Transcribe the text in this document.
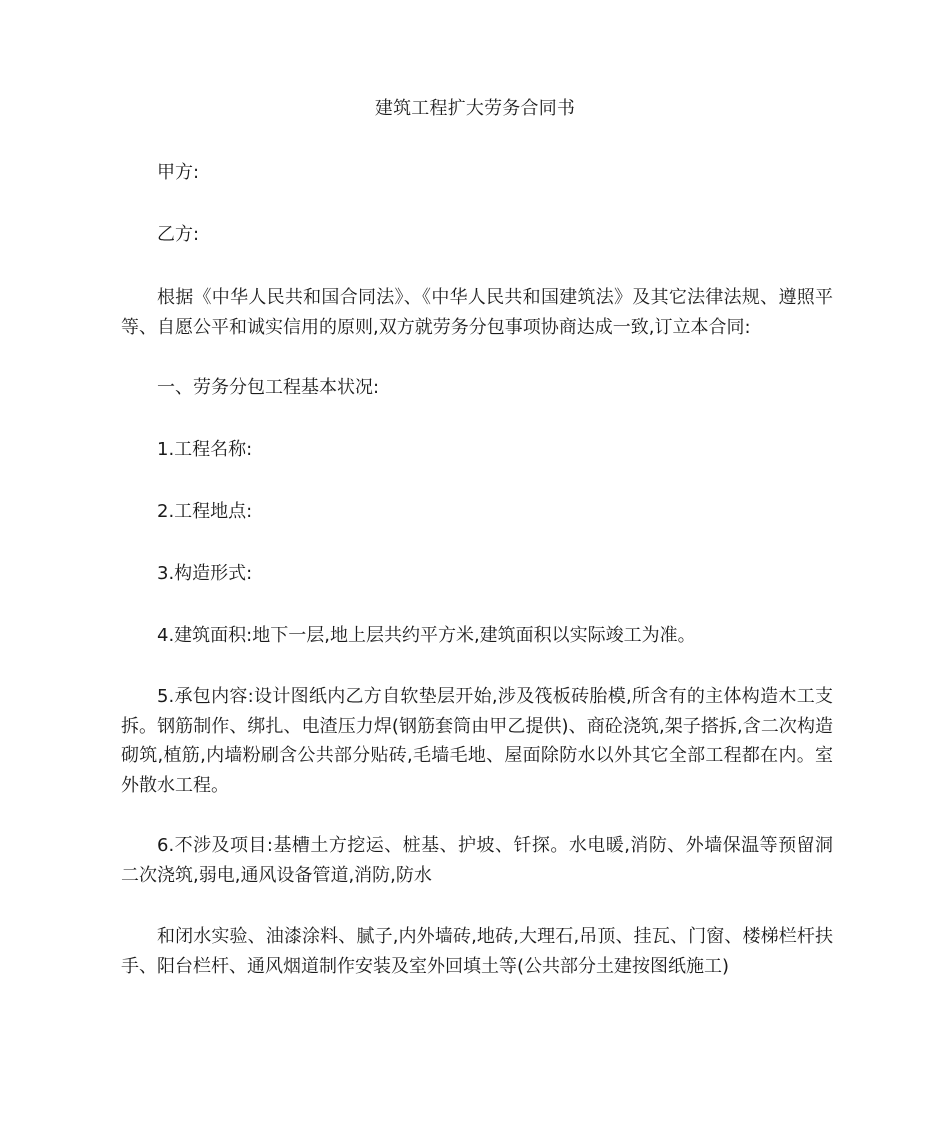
建筑工程扩大劳务合同书
甲方:
乙方:
根据《中华人民共和国合同法》、《中华人民共和国建筑法》及其它法律法规、遵照平等、自愿公平和诚实信用的原则,双方就劳务分包事项协商达成一致,订立本合同:
一、劳务分包工程基本状况:
1.工程名称:
2.工程地点:
3.构造形式:
4.建筑面积:地下一层,地上层共约平方米,建筑面积以实际竣工为准。
5.承包内容:设计图纸内乙方自软垫层开始,涉及筏板砖胎模,所含有的主体构造木工支拆。钢筋制作、绑扎、电渣压力焊(钢筋套筒由甲乙提供)、商砼浇筑,架子搭拆,含二次构造砌筑,植筋,内墙粉刷含公共部分贴砖,毛墙毛地、屋面除防水以外其它全部工程都在内。室外散水工程。
6.不涉及项目:基槽土方挖运、桩基、护坡、钎探。水电暖,消防、外墙保温等预留洞二次浇筑,弱电,通风设备管道,消防,防水
和闭水实验、油漆涂料、腻子,内外墙砖,地砖,大理石,吊顶、挂瓦、门窗、楼梯栏杆扶手、阳台栏杆、通风烟道制作安装及室外回填土等(公共部分土建按图纸施工)
